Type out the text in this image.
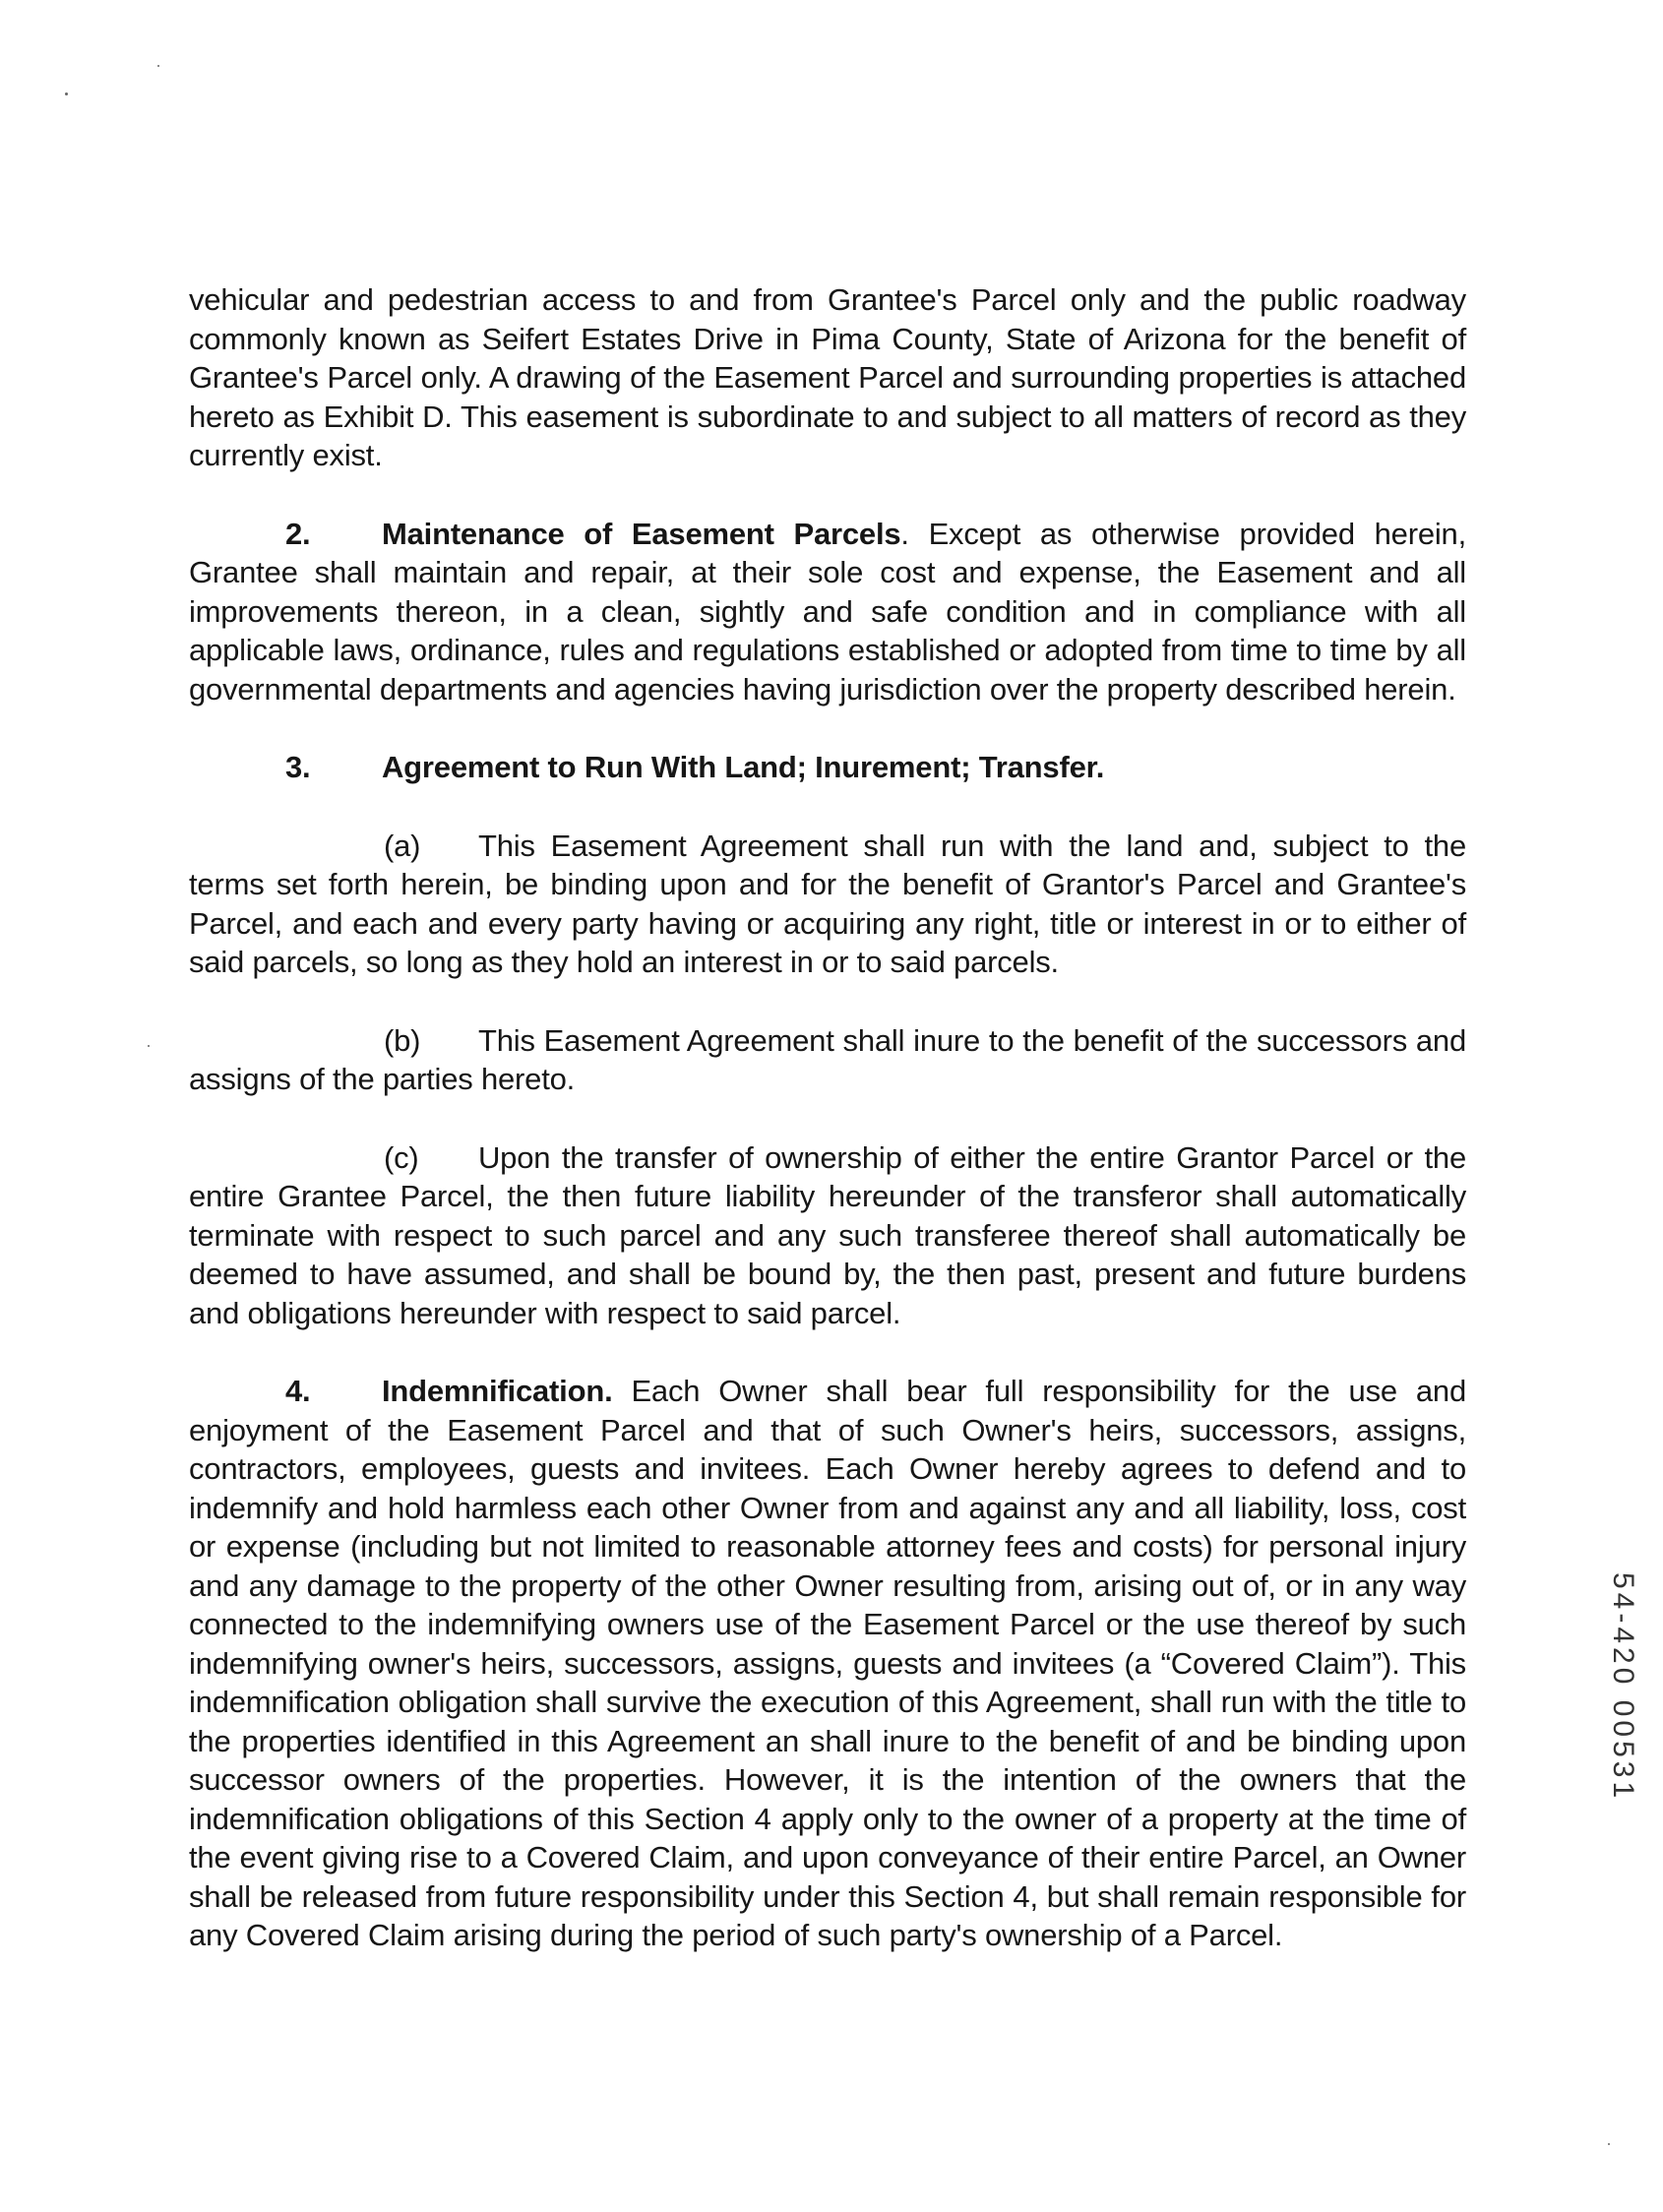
vehicular and pedestrian access to and from Grantee's Parcel only and the public roadway commonly known as Seifert Estates Drive in Pima County, State of Arizona for the benefit of Grantee's Parcel only. A drawing of the Easement Parcel and surrounding properties is attached hereto as Exhibit D. This easement is subordinate to and subject to all matters of record as they currently exist.

2. Maintenance of Easement Parcels. Except as otherwise provided herein, Grantee shall maintain and repair, at their sole cost and expense, the Easement and all improvements thereon, in a clean, sightly and safe condition and in compliance with all applicable laws, ordinance, rules and regulations established or adopted from time to time by all governmental departments and agencies having jurisdiction over the property described herein.

3. Agreement to Run With Land; Inurement; Transfer.

(a) This Easement Agreement shall run with the land and, subject to the terms set forth herein, be binding upon and for the benefit of Grantor's Parcel and Grantee's Parcel, and each and every party having or acquiring any right, title or interest in or to either of said parcels, so long as they hold an interest in or to said parcels.

(b) This Easement Agreement shall inure to the benefit of the successors and assigns of the parties hereto.

(c) Upon the transfer of ownership of either the entire Grantor Parcel or the entire Grantee Parcel, the then future liability hereunder of the transferor shall automatically terminate with respect to such parcel and any such transferee thereof shall automatically be deemed to have assumed, and shall be bound by, the then past, present and future burdens and obligations hereunder with respect to said parcel.

4. Indemnification. Each Owner shall bear full responsibility for the use and enjoyment of the Easement Parcel and that of such Owner's heirs, successors, assigns, contractors, employees, guests and invitees. Each Owner hereby agrees to defend and to indemnify and hold harmless each other Owner from and against any and all liability, loss, cost or expense (including but not limited to reasonable attorney fees and costs) for personal injury and any damage to the property of the other Owner resulting from, arising out of, or in any way connected to the indemnifying owners use of the Easement Parcel or the use thereof by such indemnifying owner's heirs, successors, assigns, guests and invitees (a “Covered Claim”). This indemnification obligation shall survive the execution of this Agreement, shall run with the title to the properties identified in this Agreement an shall inure to the benefit of and be binding upon successor owners of the properties. However, it is the intention of the owners that the indemnification obligations of this Section 4 apply only to the owner of a property at the time of the event giving rise to a Covered Claim, and upon conveyance of their entire Parcel, an Owner shall be released from future responsibility under this Section 4, but shall remain responsible for any Covered Claim arising during the period of such party's ownership of a Parcel.

54-420 00531
